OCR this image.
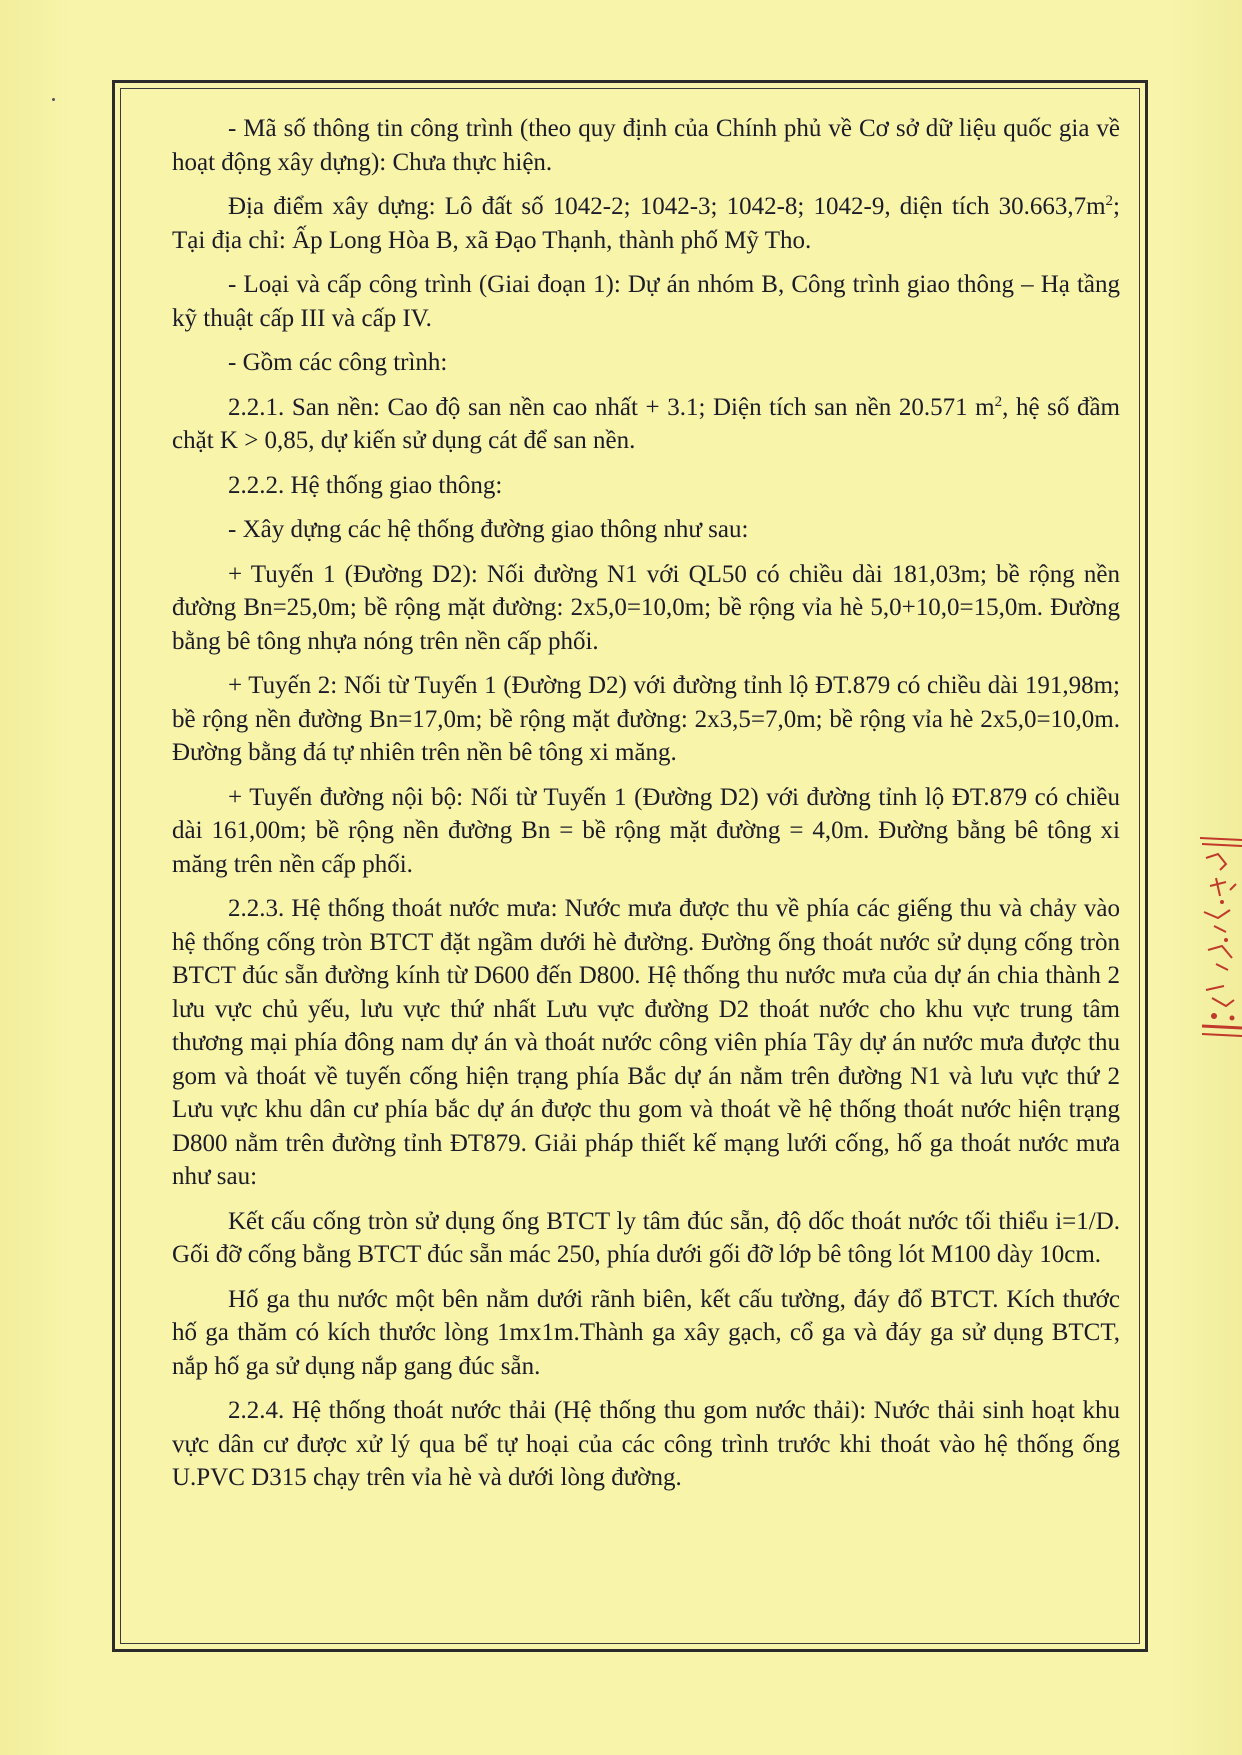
- Mã số thông tin công trình (theo quy định của Chính phủ về Cơ sở dữ liệu quốc gia về hoạt động xây dựng): Chưa thực hiện.

Địa điểm xây dựng: Lô đất số 1042-2; 1042-3; 1042-8; 1042-9, diện tích $30.663,7m^2$; Tại địa chỉ: Ấp Long Hòa B, xã Đạo Thạnh, thành phố Mỹ Tho.

- Loại và cấp công trình (Giai đoạn 1): Dự án nhóm B, Công trình giao thông – Hạ tầng kỹ thuật cấp III và cấp IV.

- Gồm các công trình:

2.2.1. San nền: Cao độ san nền cao nhất + 3.1; Diện tích san nền 20.571 $m^2$, hệ số đầm chặt K > 0,85, dự kiến sử dụng cát để san nền.

2.2.2. Hệ thống giao thông:

- Xây dựng các hệ thống đường giao thông như sau:

+ Tuyến 1 (Đường D2): Nối đường N1 với QL50 có chiều dài 181,03m; bề rộng nền đường Bn=25,0m; bề rộng mặt đường: 2x5,0=10,0m; bề rộng vỉa hè 5,0+10,0=15,0m. Đường bằng bê tông nhựa nóng trên nền cấp phối.

+ Tuyến 2: Nối từ Tuyến 1 (Đường D2) với đường tỉnh lộ ĐT.879 có chiều dài 191,98m; bề rộng nền đường Bn=17,0m; bề rộng mặt đường: 2x3,5=7,0m; bề rộng vỉa hè 2x5,0=10,0m. Đường bằng đá tự nhiên trên nền bê tông xi măng.

+ Tuyến đường nội bộ: Nối từ Tuyến 1 (Đường D2) với đường tỉnh lộ ĐT.879 có chiều dài 161,00m; bề rộng nền đường Bn = bề rộng mặt đường = 4,0m. Đường bằng bê tông xi măng trên nền cấp phối.

2.2.3. Hệ thống thoát nước mưa: Nước mưa được thu về phía các giếng thu và chảy vào hệ thống cống tròn BTCT đặt ngầm dưới hè đường. Đường ống thoát nước sử dụng cống tròn BTCT đúc sẵn đường kính từ D600 đến D800. Hệ thống thu nước mưa của dự án chia thành 2 lưu vực chủ yếu, lưu vực thứ nhất Lưu vực đường D2 thoát nước cho khu vực trung tâm thương mại phía đông nam dự án và thoát nước công viên phía Tây dự án nước mưa được thu gom và thoát về tuyến cống hiện trạng phía Bắc dự án nằm trên đường N1 và lưu vực thứ 2 Lưu vực khu dân cư phía bắc dự án được thu gom và thoát về hệ thống thoát nước hiện trạng D800 nằm trên đường tỉnh ĐT879. Giải pháp thiết kế mạng lưới cống, hố ga thoát nước mưa như sau:

Kết cấu cống tròn sử dụng ống BTCT ly tâm đúc sẵn, độ dốc thoát nước tối thiểu i=1/D. Gối đỡ cống bằng BTCT đúc sẵn mác 250, phía dưới gối đỡ lớp bê tông lót M100 dày 10cm.

Hố ga thu nước một bên nằm dưới rãnh biên, kết cấu tường, đáy đổ BTCT. Kích thước hố ga thăm có kích thước lòng 1mx1m.Thành ga xây gạch, cổ ga và đáy ga sử dụng BTCT, nắp hố ga sử dụng nắp gang đúc sẵn.

2.2.4. Hệ thống thoát nước thải (Hệ thống thu gom nước thải): Nước thải sinh hoạt khu vực dân cư được xử lý qua bể tự hoại của các công trình trước khi thoát vào hệ thống ống U.PVC D315 chạy trên vỉa hè và dưới lòng đường.
